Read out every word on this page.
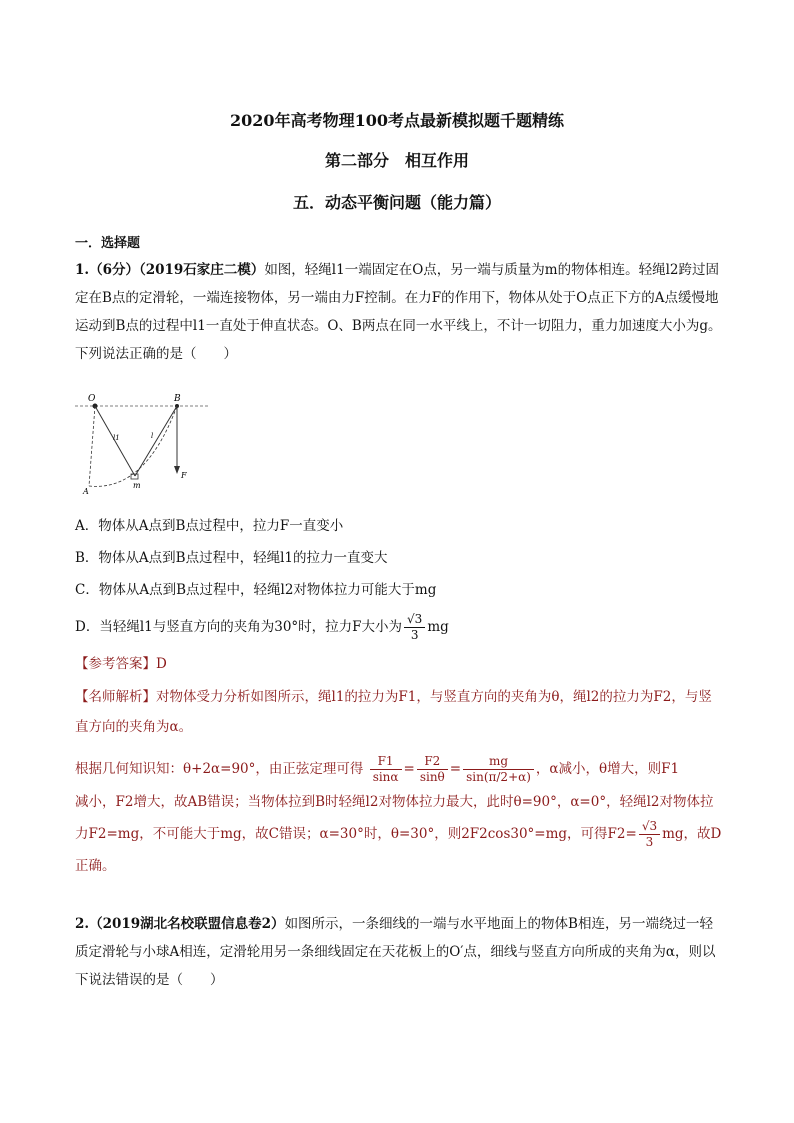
2020年高考物理100考点最新模拟题千题精练
第二部分　相互作用
五．动态平衡问题（能力篇）
一．选择题
1.（6分）（2019石家庄二模）如图，轻绳l1一端固定在O点，另一端与质量为m的物体相连。轻绳l2跨过固定在B点的定滑轮，一端连接物体，另一端由力F控制。在力F的作用下，物体从处于O点正下方的A点缓慢地运动到B点的过程中l1一直处于伸直状态。O、B两点在同一水平线上，不计一切阻力，重力加速度大小为g。下列说法正确的是（　　）
O	B
l1	l
m
F
A
A．物体从A点到B点过程中，拉力F一直变小
B．物体从A点到B点过程中，轻绳l1的拉力一直变大
C．物体从A点到B点过程中，轻绳l2对物体拉力可能大于mg
D．当轻绳l1与竖直方向的夹角为30°时，拉力F大小为 $\frac{√3}{3}$ mg
【参考答案】D
【名师解析】对物体受力分析如图所示，绳l1的拉力为F1，与竖直方向的夹角为θ，绳l2的拉力为F2，与竖直方向的夹角为α。
根据几何知识知：θ+2α=90°，由正弦定理可得 $\frac{F1}{\sin\alpha} = \frac{F2}{\sin\theta} = \frac{mg}{\sin(\pi/2+\alpha)}$ ，α减小，θ增大，则F1
减小，F2增大，故AB错误；当物体拉到B时轻绳l2对物体拉力最大，此时θ=90°，α=0°，轻绳l2对物体拉力F2=mg，不可能大于mg，故C错误；α=30°时，θ=30°，则2F2cos30°=mg，可得$F2= \frac{√3}{3}$ mg，故D正确。
2.（2019湖北名校联盟信息卷2）如图所示，一条细线的一端与水平地面上的物体B相连，另一端绕过一轻质定滑轮与小球A相连，定滑轮用另一条细线固定在天花板上的O′点，细线与竖直方向所成的夹角为α，则以下说法错误的是（　　）
